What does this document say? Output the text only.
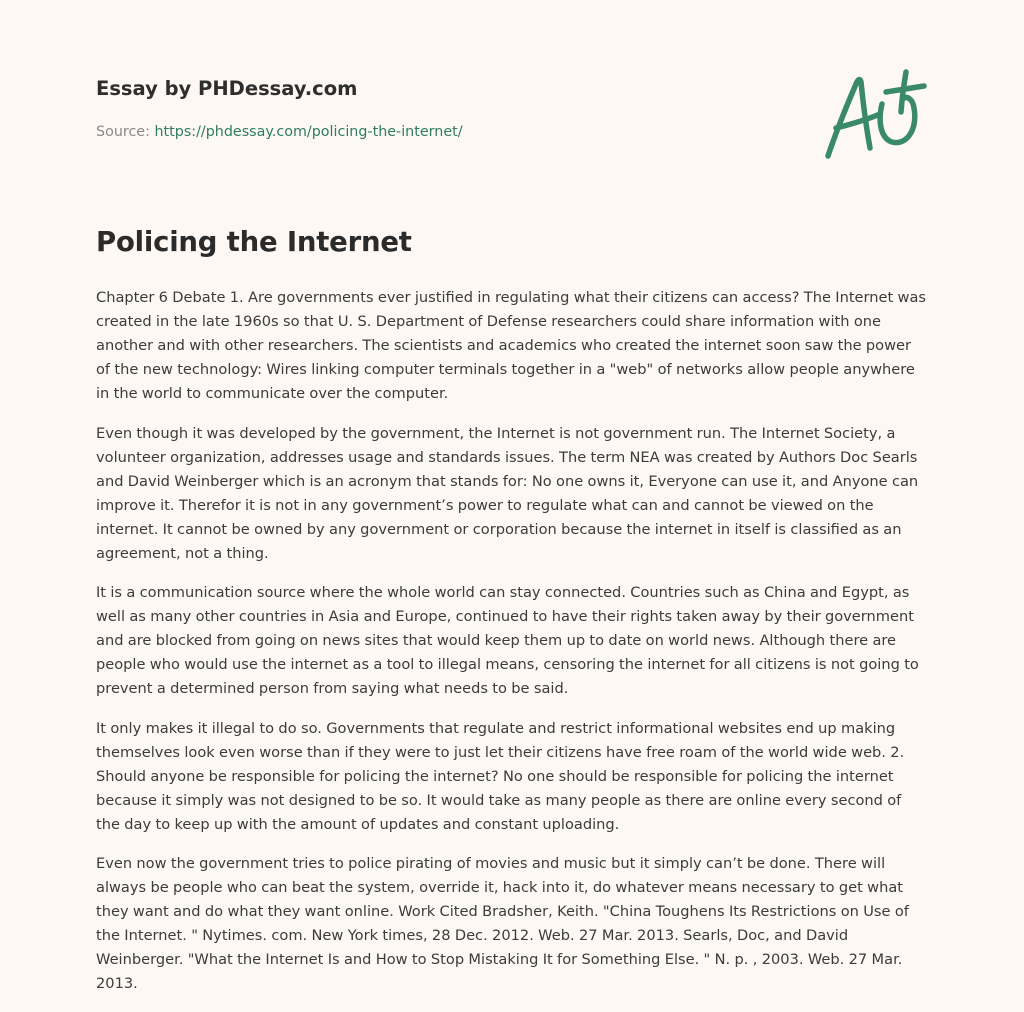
Essay by PHDessay.com
Source: https://phdessay.com/policing-the-internet/
Policing the Internet

Chapter 6 Debate 1. Are governments ever justified in regulating what their citizens can access? The Internet was created in the late 1960s so that U. S. Department of Defense researchers could share information with one another and with other researchers. The scientists and academics who created the internet soon saw the power of the new technology: Wires linking computer terminals together in a "web" of networks allow people anywhere in the world to communicate over the computer.

Even though it was developed by the government, the Internet is not government run. The Internet Society, a volunteer organization, addresses usage and standards issues. The term NEA was created by Authors Doc Searls and David Weinberger which is an acronym that stands for: No one owns it, Everyone can use it, and Anyone can improve it. Therefor it is not in any government’s power to regulate what can and cannot be viewed on the internet. It cannot be owned by any government or corporation because the internet in itself is classified as an agreement, not a thing.

It is a communication source where the whole world can stay connected. Countries such as China and Egypt, as well as many other countries in Asia and Europe, continued to have their rights taken away by their government and are blocked from going on news sites that would keep them up to date on world news. Although there are people who would use the internet as a tool to illegal means, censoring the internet for all citizens is not going to prevent a determined person from saying what needs to be said.

It only makes it illegal to do so. Governments that regulate and restrict informational websites end up making themselves look even worse than if they were to just let their citizens have free roam of the world wide web. 2. Should anyone be responsible for policing the internet? No one should be responsible for policing the internet because it simply was not designed to be so. It would take as many people as there are online every second of the day to keep up with the amount of updates and constant uploading.

Even now the government tries to police pirating of movies and music but it simply can’t be done. There will always be people who can beat the system, override it, hack into it, do whatever means necessary to get what they want and do what they want online. Work Cited Bradsher, Keith. "China Toughens Its Restrictions on Use of the Internet. " Nytimes. com. New York times, 28 Dec. 2012. Web. 27 Mar. 2013. Searls, Doc, and David Weinberger. "What the Internet Is and How to Stop Mistaking It for Something Else. " N. p. , 2003. Web. 27 Mar. 2013.
